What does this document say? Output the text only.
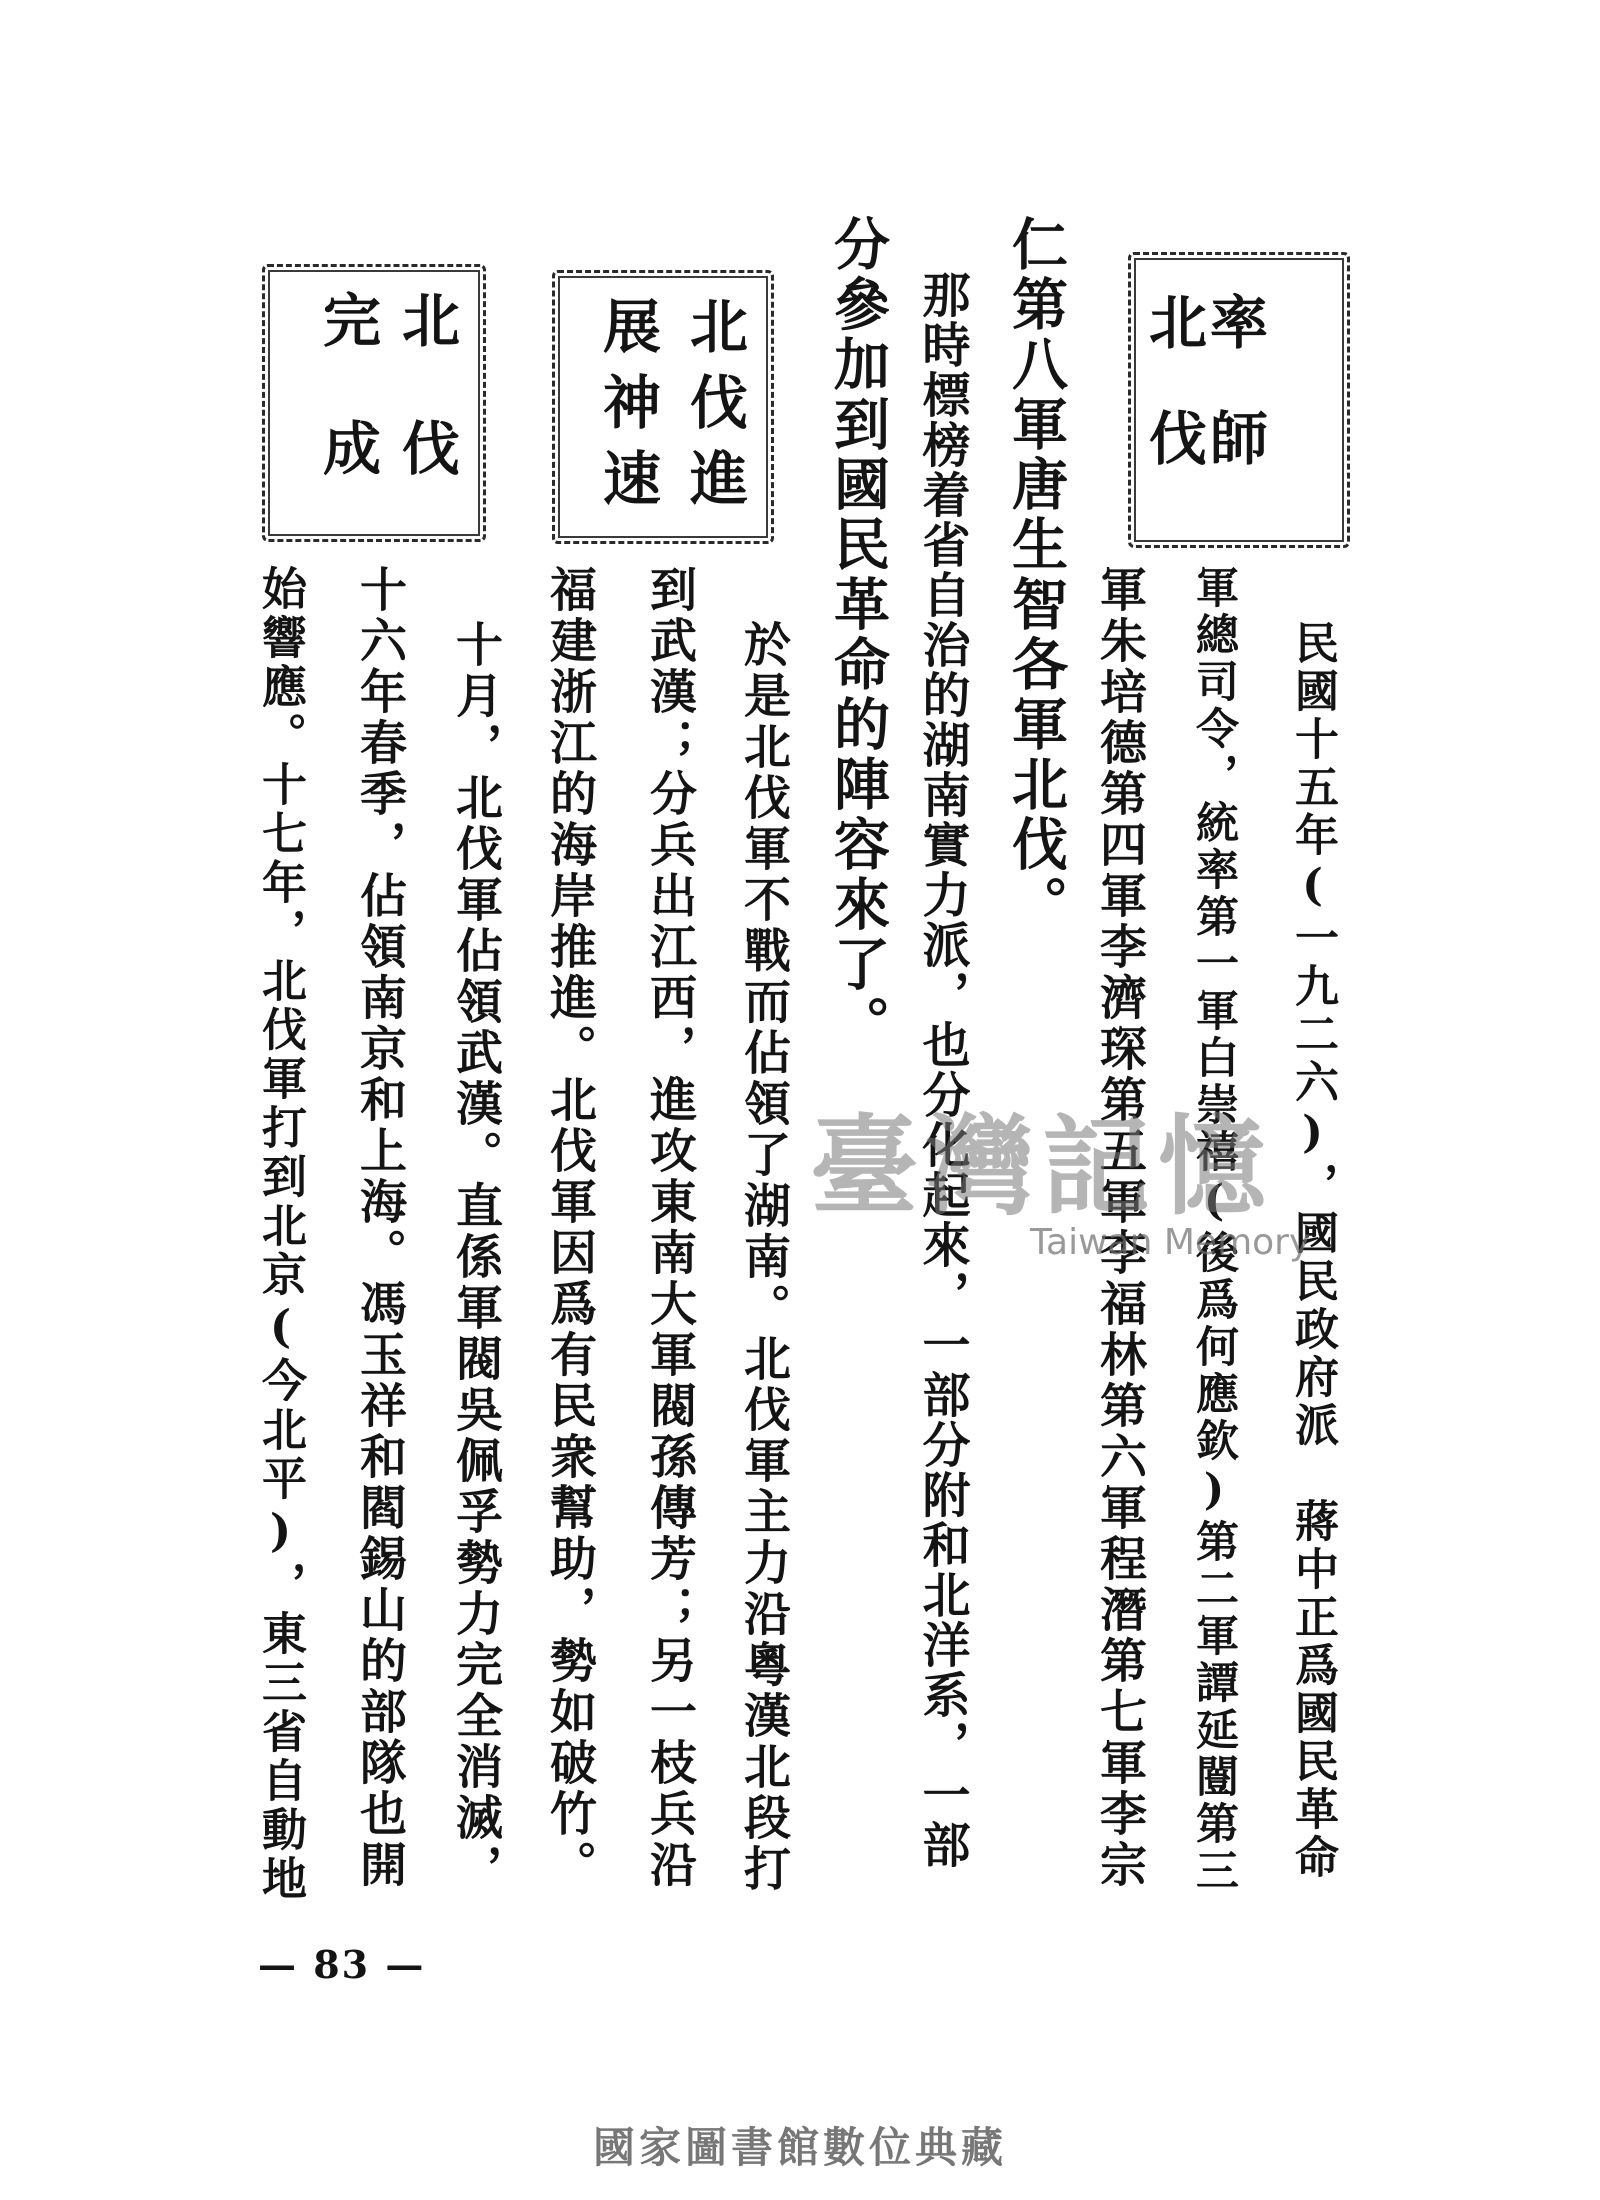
率師
北伐
北伐進
展神速
北伐
完成
民國十五年(一九二六)，國民政府派　蔣中正爲國民革命
軍總司令，統率第一軍白崇禧(後爲何應欽)第二軍譚延闓第三
軍朱培德第四軍李濟琛第五軍李福林第六軍程潛第七軍李宗
仁第八軍唐生智各軍北伐。
那時標榜着省自治的湖南實力派，也分化起來，一部分附和北洋系，一部
分參加到國民革命的陣容來了。
於是北伐軍不戰而佔領了湖南。北伐軍主力沿粵漢北段打
到武漢；分兵出江西，進攻東南大軍閥孫傳芳；另一枝兵沿
福建浙江的海岸推進。北伐軍因爲有民衆幫助，勢如破竹。
十月，北伐軍佔領武漢。直係軍閥吳佩孚勢力完全消滅，
十六年春季，佔領南京和上海。馮玉祥和閻錫山的部隊也開
始響應。十七年，北伐軍打到北京(今北平)，東三省自動地
— 83 —
臺灣記憶
Taiwan Memory
國家圖書館數位典藏
